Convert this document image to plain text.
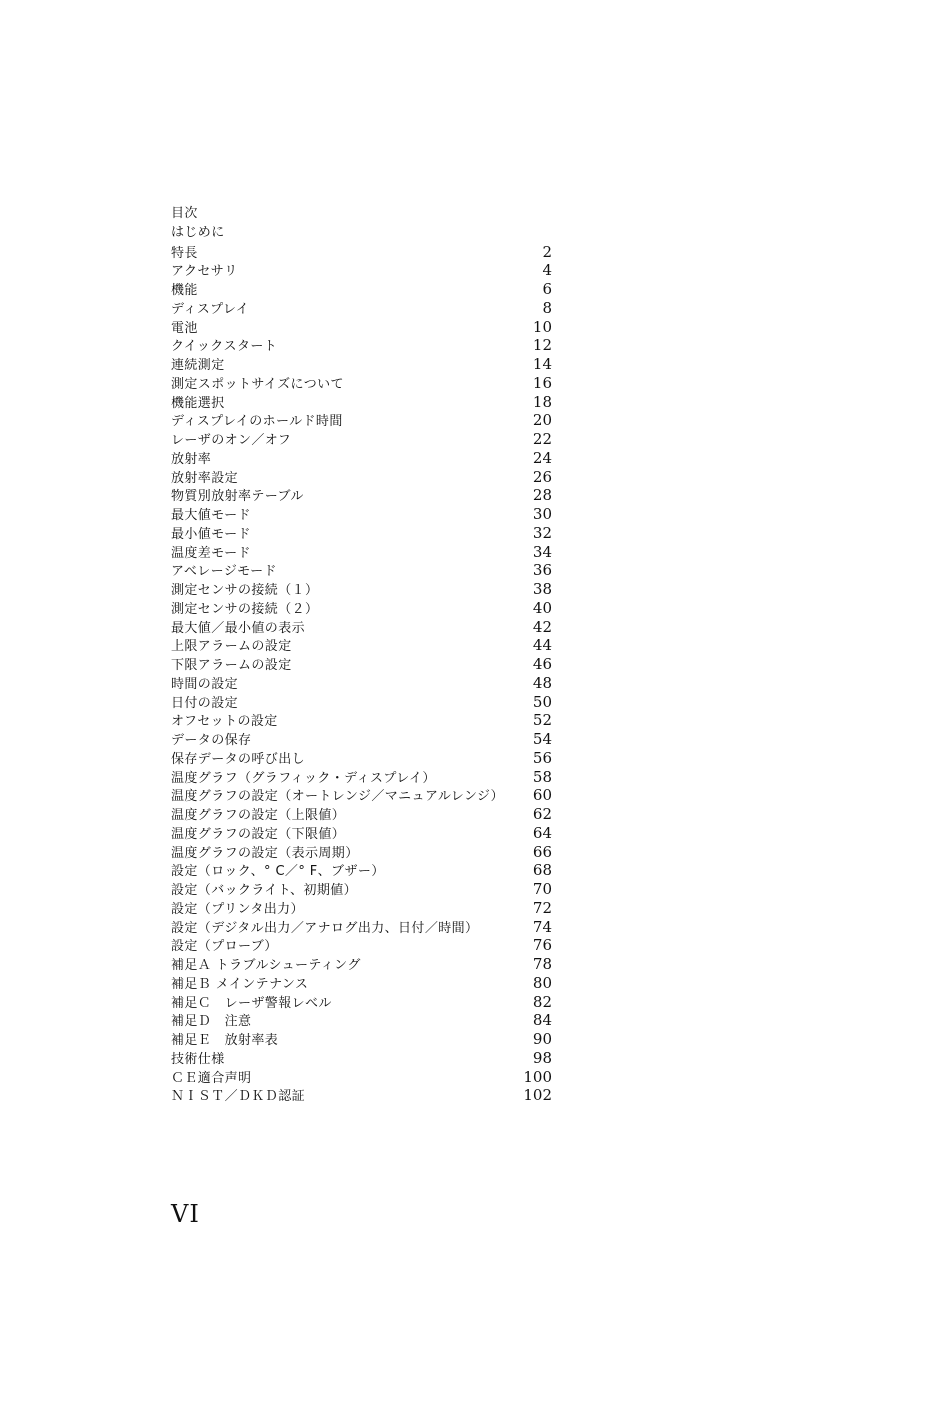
目次
はじめに
特長	2
アクセサリ	4
機能	6
ディスプレイ	8
電池	10
クイックスタート	12
連続測定	14
測定スポットサイズについて	16
機能選択	18
ディスプレイのホールド時間	20
レーザのオン／オフ	22
放射率	24
放射率設定	26
物質別放射率テーブル	28
最大値モード	30
最小値モード	32
温度差モード	34
アベレージモード	36
測定センサの接続（１）	38
測定センサの接続（２）	40
最大値／最小値の表示	42
上限アラームの設定	44
下限アラームの設定	46
時間の設定	48
日付の設定	50
オフセットの設定	52
データの保存	54
保存データの呼び出し	56
温度グラフ（グラフィック・ディスプレイ）	58
温度グラフの設定（オートレンジ／マニュアルレンジ） 60
温度グラフの設定（上限値）	62
温度グラフの設定（下限値）	64
温度グラフの設定（表示周期）	66
設定（ロック、° C／° F、ブザー）	68
設定（バックライト、初期値）	70
設定（プリンタ出力）	72
設定（デジタル出力／アナログ出力、日付／時間）	74
設定（プローブ）	76
補足Ａ トラブルシューティング	78
補足Ｂ メインテナンス	80
補足Ｃ　レーザ警報レベル	82
補足Ｄ　注意	84
補足Ｅ　放射率表	90
技術仕様	98
ＣＥ適合声明	100
ＮＩＳＴ／ＤＫＤ認証	102
VI
